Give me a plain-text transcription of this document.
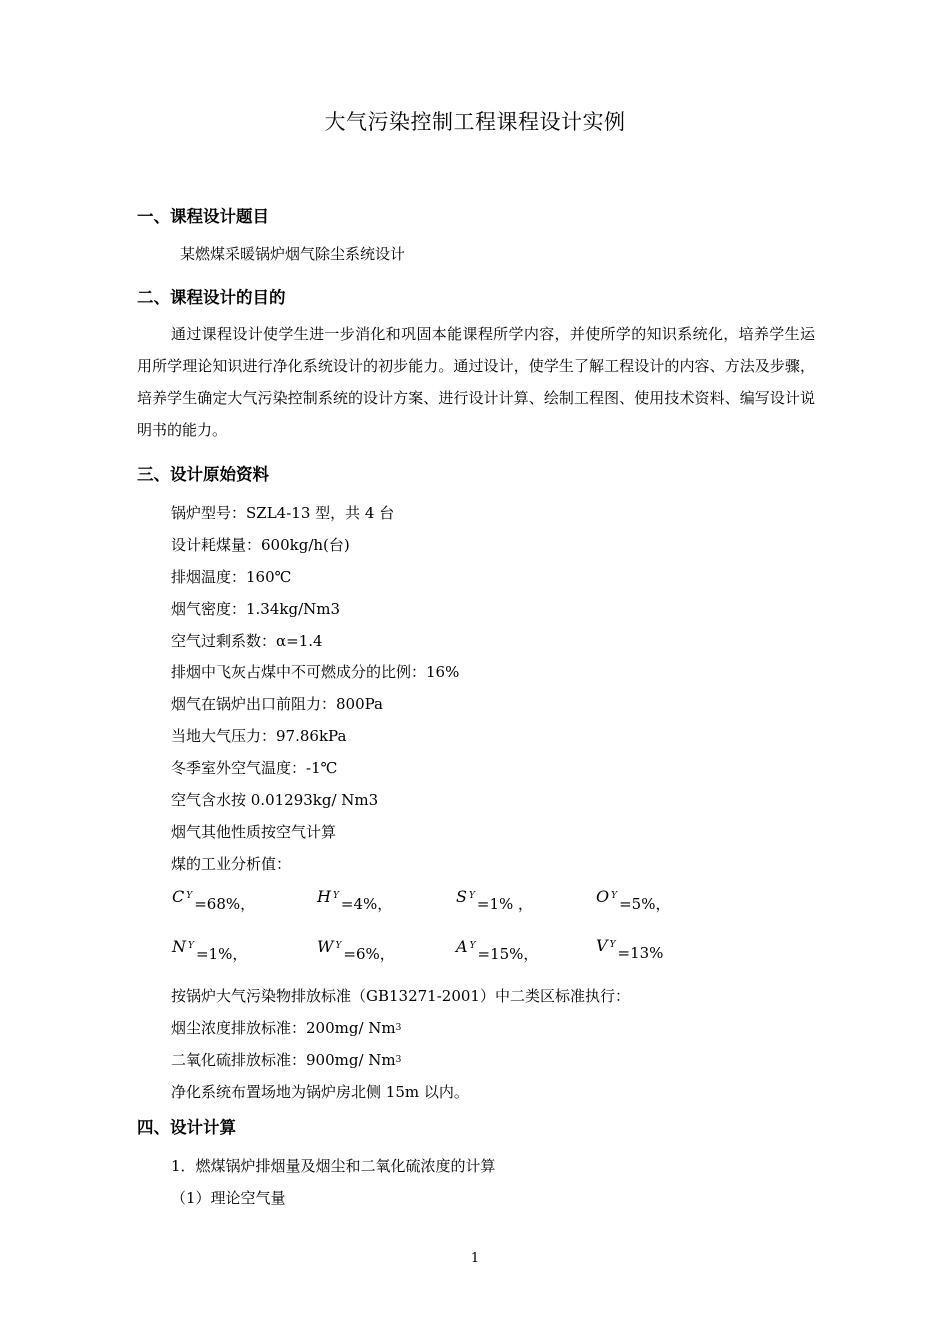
大气污染控制工程课程设计实例
一、课程设计题目
某燃煤采暖锅炉烟气除尘系统设计
二、课程设计的目的
通过课程设计使学生进一步消化和巩固本能课程所学内容，并使所学的知识系统化，培养学生运用所学理论知识进行净化系统设计的初步能力。通过设计，使学生了解工程设计的内容、方法及步骤，培养学生确定大气污染控制系统的设计方案、进行设计计算、绘制工程图、使用技术资料、编写设计说明书的能力。
三、设计原始资料
锅炉型号：SZL4-13 型，共 4 台
设计耗煤量：600kg/h(台)
排烟温度：160℃
烟气密度：1.34kg/Nm3
空气过剩系数：α=1.4
排烟中飞灰占煤中不可燃成分的比例：16%
烟气在锅炉出口前阻力：800Pa
当地大气压力：97.86kPa
冬季室外空气温度：-1℃
空气含水按 0.01293kg/ Nm3
烟气其他性质按空气计算
煤的工业分析值：
C $^Y$ =68%，	H $^Y$ =4%，	S $^Y$ =1% ，	O $^Y$ =5%，
N $^Y$ =1%，	W $^Y$ =6%，	A $^Y$ =15%，	V $^Y$ =13%
按锅炉大气污染物排放标准（GB13271-2001）中二类区标准执行：
烟尘浓度排放标准：200mg/ $Nm_3$
二氧化硫排放标准：900mg/ $Nm_3$
净化系统布置场地为锅炉房北侧 15m 以内。
四、设计计算
1．燃煤锅炉排烟量及烟尘和二氧化硫浓度的计算
（1）理论空气量
1
